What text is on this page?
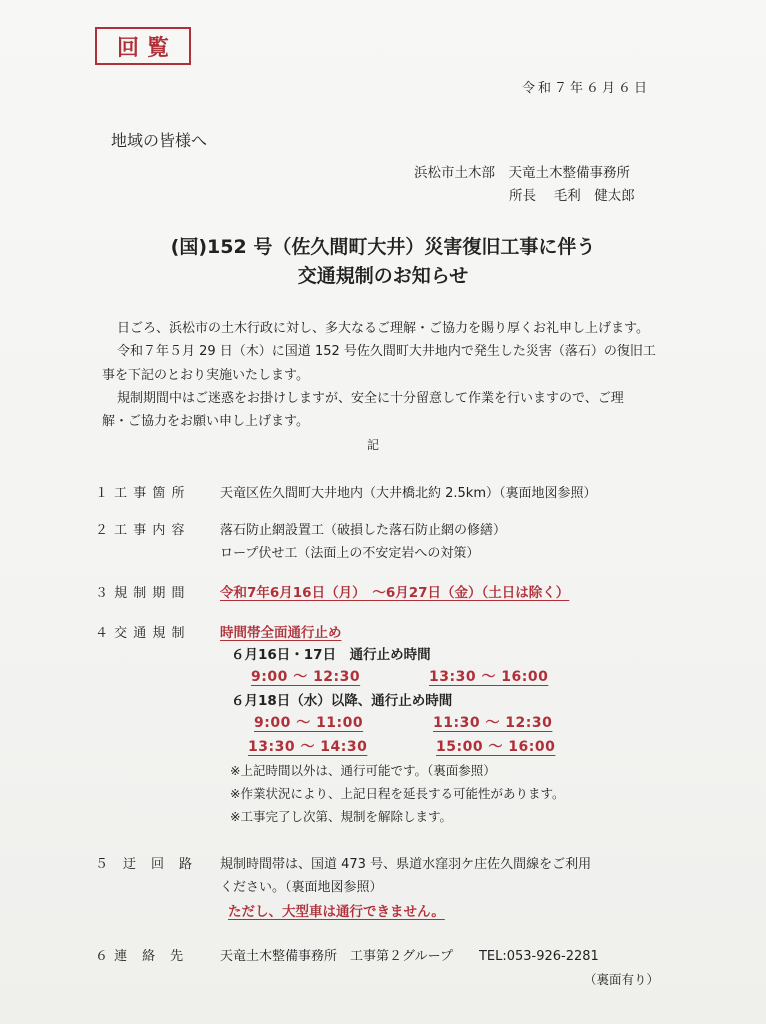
回覧
令和７年６月６日
地域の皆様へ
浜松市土木部　天竜土木整備事務所
所長　 毛利　健太郎
(国)152 号（佐久間町大井）災害復旧工事に伴う
交通規制のお知らせ
日ごろ、浜松市の土木行政に対し、多大なるご理解・ご協力を賜り厚くお礼申し上げます。
令和７年５月 29 日（木）に国道 152 号佐久間町大井地内で発生した災害（落石）の復旧工
事を下記のとおり実施いたします。
規制期間中はご迷惑をお掛けしますが、安全に十分留意して作業を行いますので、ご理
解・ご協力をお願い申し上げます。
記
１ 工 事 箇 所	天竜区佐久間町大井地内（大井橋北約 2.5km）（裏面地図参照）
２ 工 事 内 容	落石防止網設置工（破損した落石防止網の修繕）
ロープ伏せ工（法面上の不安定岩への対策）
３ 規 制 期 間	令和7年6月16日（月）　～6月27日（金）（土日は除く）
４ 交 通 規 制	時間帯全面通行止め
６月16日・17日　通行止め時間
9:00 ～ 12:30	13:30 ～ 16:00
６月18日（水）以降、通行止め時間
9:00 ～ 11:00	11:30 ～ 12:30
13:30 ～ 14:30	15:00 ～ 16:00
※上記時間以外は、通行可能です。（裏面参照）
※作業状況により、上記日程を延長する可能性があります。
※工事完了し次第、規制を解除します。
５　迂　回　路 規制時間帯は、国道 473 号、県道水窪羽ケ庄佐久間線をご利用
ください。（裏面地図参照）
ただし、大型車は通行できません。
６ 連　絡　先	天竜土木整備事務所　工事第２グループ　　TEL:053-926-2281
（裏面有り）
